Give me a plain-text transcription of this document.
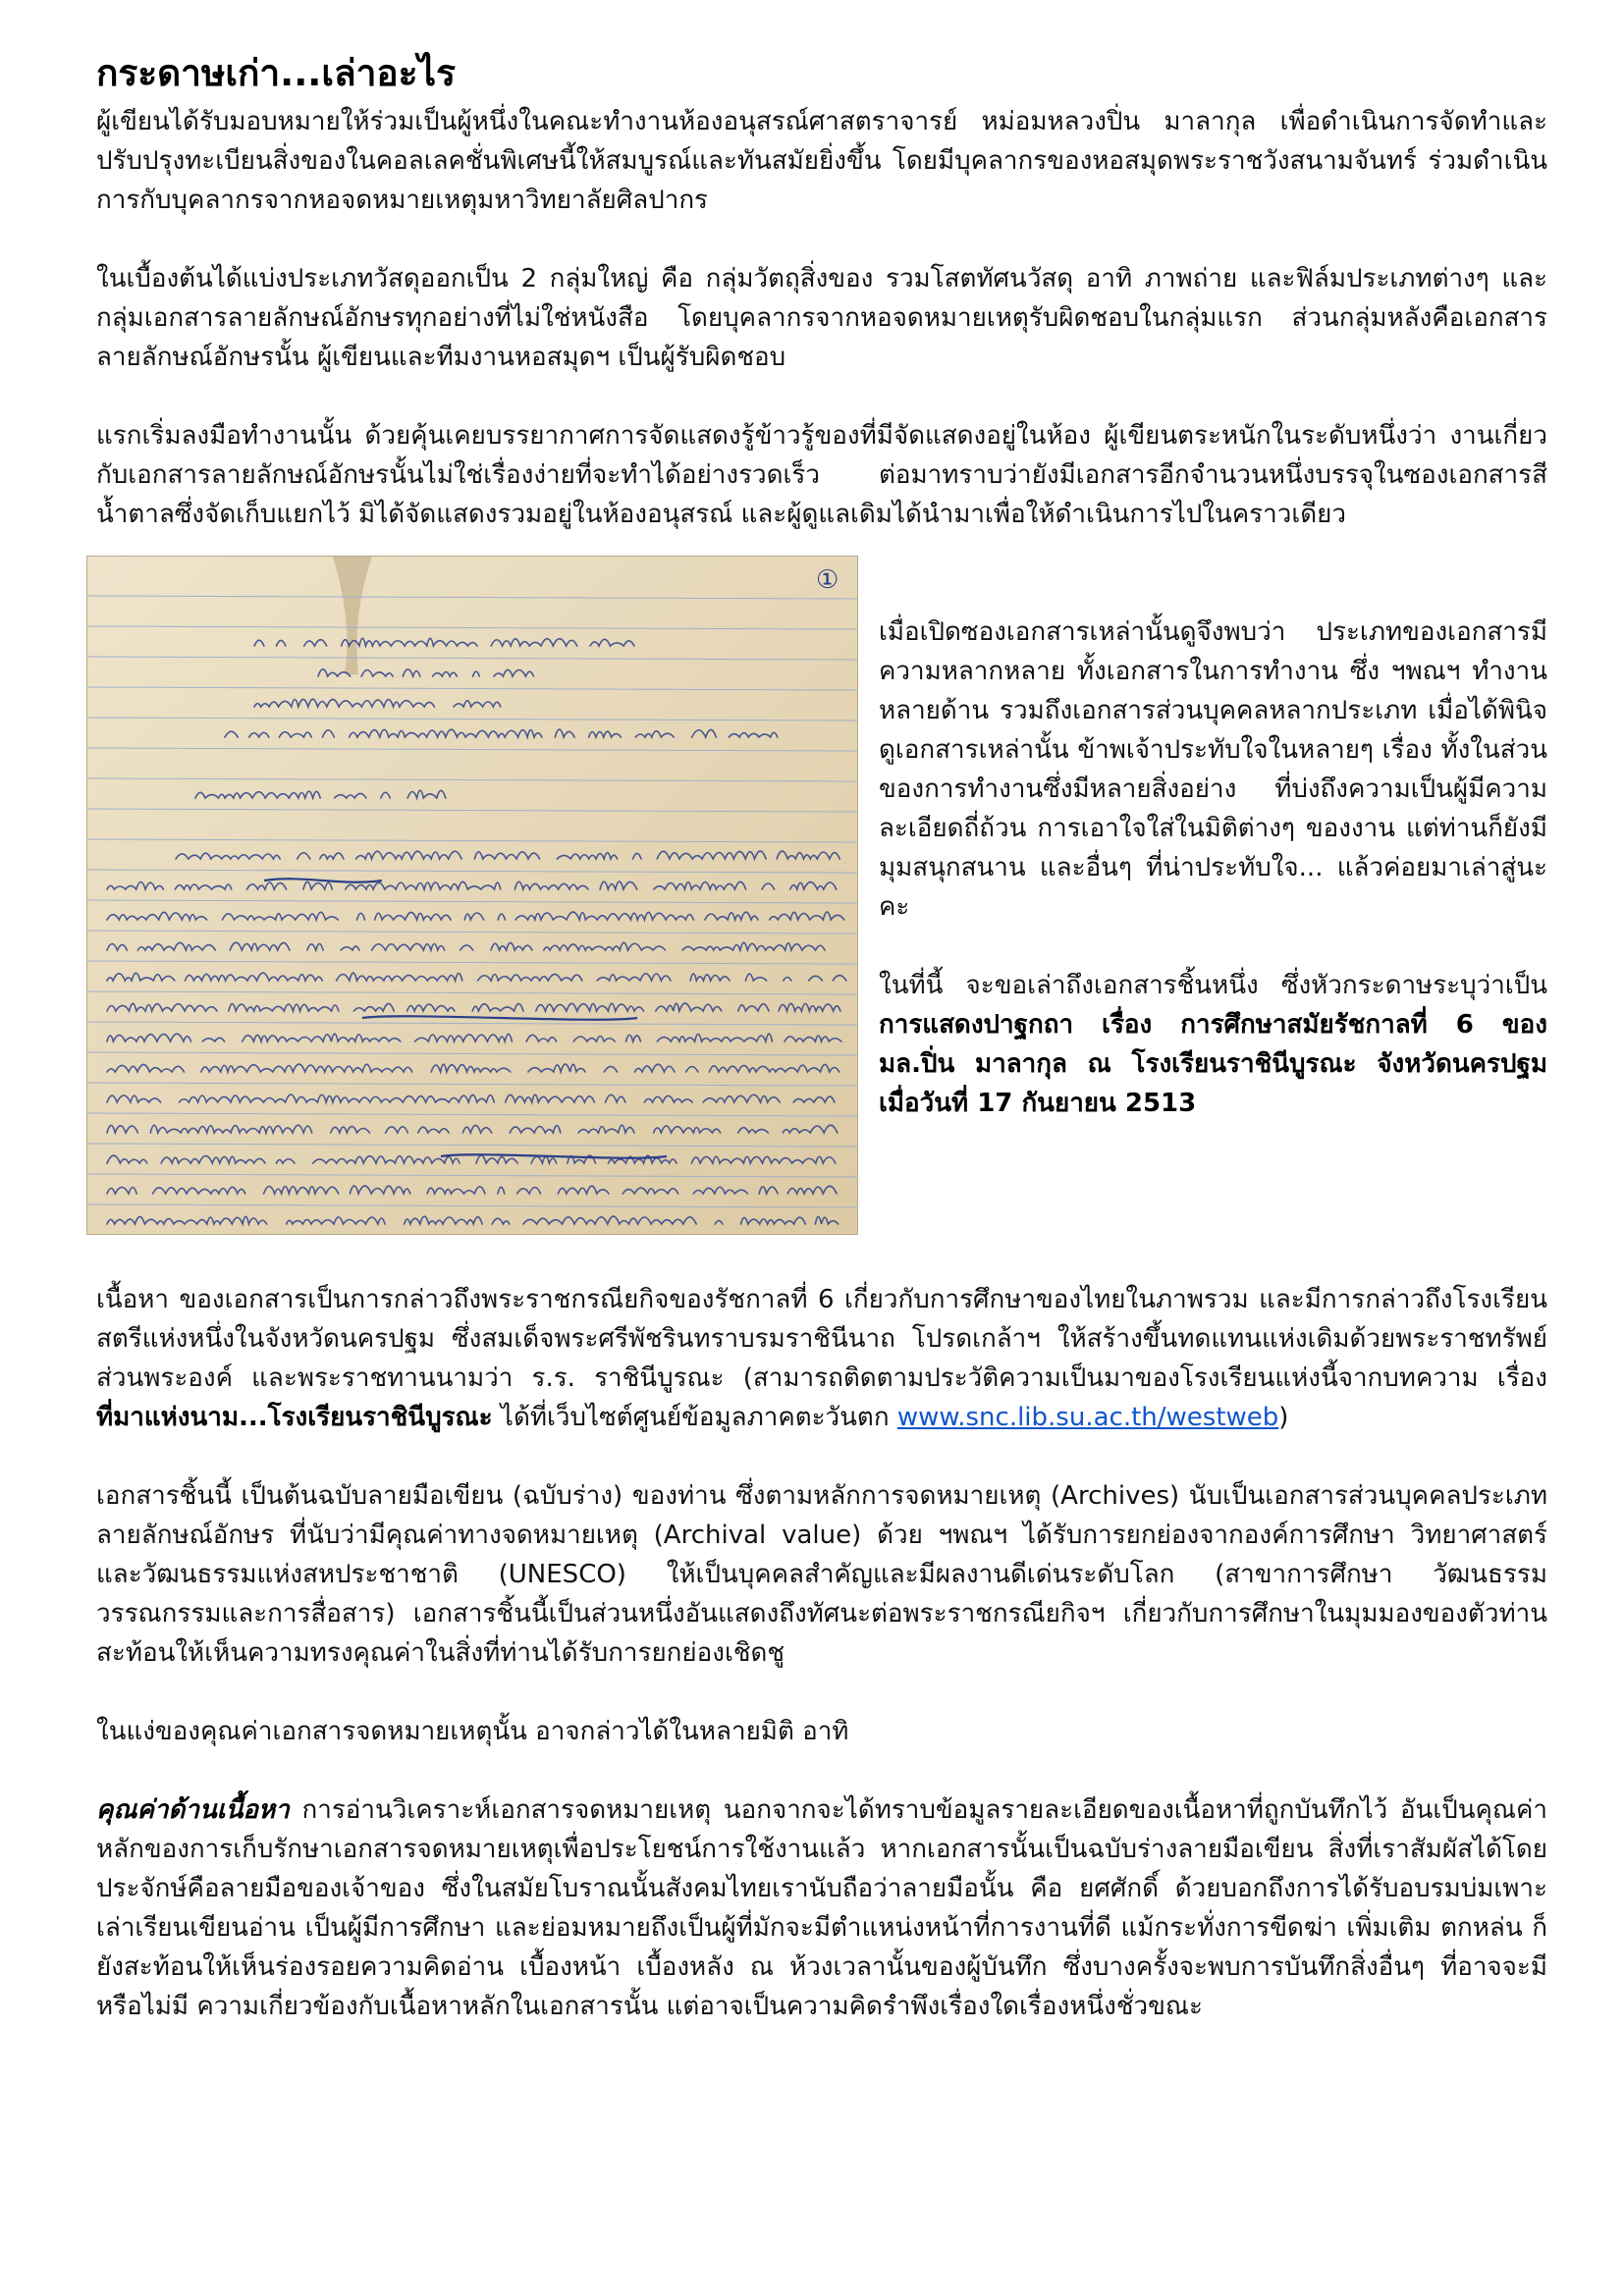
กระดาษเก่า...เล่าอะไร

ผู้เขียนได้รับมอบหมายให้ร่วมเป็นผู้หนึ่งในคณะทำงานห้องอนุสรณ์ศาสตราจารย์ หม่อมหลวงปิ่น มาลากุล เพื่อดำเนินการจัดทำและปรับปรุงทะเบียนสิ่งของในคอลเลคชั่นพิเศษนี้ให้สมบูรณ์และทันสมัยยิ่งขึ้น โดยมีบุคลากรของหอสมุดพระราชวังสนามจันทร์ ร่วมดำเนินการกับบุคลากรจากหอจดหมายเหตุมหาวิทยาลัยศิลปากร

ในเบื้องต้นได้แบ่งประเภทวัสดุออกเป็น 2 กลุ่มใหญ่ คือ กลุ่มวัตถุสิ่งของ รวมโสตทัศนวัสดุ อาทิ ภาพถ่าย และฟิล์มประเภทต่างๆ และกลุ่มเอกสารลายลักษณ์อักษรทุกอย่างที่ไม่ใช่หนังสือ โดยบุคลากรจากหอจดหมายเหตุรับผิดชอบในกลุ่มแรก ส่วนกลุ่มหลังคือเอกสารลายลักษณ์อักษรนั้น ผู้เขียนและทีมงานหอสมุดฯ เป็นผู้รับผิดชอบ

แรกเริ่มลงมือทำงานนั้น ด้วยคุ้นเคยบรรยากาศการจัดแสดงรู้ข้าวรู้ของที่มีจัดแสดงอยู่ในห้อง ผู้เขียนตระหนักในระดับหนึ่งว่า งานเกี่ยวกับเอกสารลายลักษณ์อักษรนั้นไม่ใช่เรื่องง่ายที่จะทำได้อย่างรวดเร็ว ต่อมาทราบว่ายังมีเอกสารอีกจำนวนหนึ่งบรรจุในซองเอกสารสีน้ำตาลซึ่งจัดเก็บแยกไว้ มิได้จัดแสดงรวมอยู่ในห้องอนุสรณ์ และผู้ดูแลเดิมได้นำมาเพื่อให้ดำเนินการไปในคราวเดียว

①

เมื่อเปิดซองเอกสารเหล่านั้นดูจึงพบว่า ประเภทของเอกสารมีความหลากหลาย ทั้งเอกสารในการทำงาน ซึ่ง ฯพณฯ ทำงานหลายด้าน รวมถึงเอกสารส่วนบุคคลหลากประเภท เมื่อได้พินิจดูเอกสารเหล่านั้น ข้าพเจ้าประทับใจในหลายๆ เรื่อง ทั้งในส่วนของการทำงานซึ่งมีหลายสิ่งอย่าง ที่บ่งถึงความเป็นผู้มีความละเอียดถี่ถ้วน การเอาใจใส่ในมิติต่างๆ ของงาน แต่ท่านก็ยังมีมุมสนุกสนาน และอื่นๆ ที่น่าประทับใจ... แล้วค่อยมาเล่าสู่นะคะ

ในที่นี้ จะขอเล่าถึงเอกสารชิ้นหนึ่ง ซึ่งหัวกระดาษระบุว่าเป็น การแสดงปาฐกถา เรื่อง การศึกษาสมัยรัชกาลที่ 6 ของ มล.ปิ่น มาลากุล ณ โรงเรียนราชินีบูรณะ จังหวัดนครปฐม เมื่อวันที่ 17 กันยายน 2513

เนื้อหา ของเอกสารเป็นการกล่าวถึงพระราชกรณียกิจของรัชกาลที่ 6 เกี่ยวกับการศึกษาของไทยในภาพรวม และมีการกล่าวถึงโรงเรียนสตรีแห่งหนึ่งในจังหวัดนครปฐม ซึ่งสมเด็จพระศรีพัชรินทราบรมราชินีนาถ โปรดเกล้าฯ ให้สร้างขึ้นทดแทนแห่งเดิมด้วยพระราชทรัพย์ส่วนพระองค์ และพระราชทานนามว่า ร.ร. ราชินีบูรณะ (สามารถติดตามประวัติความเป็นมาของโรงเรียนแห่งนี้จากบทความ เรื่อง ที่มาแห่งนาม...โรงเรียนราชินีบูรณะ ได้ที่เว็บไซต์ศูนย์ข้อมูลภาคตะวันตก www.snc.lib.su.ac.th/westweb)

เอกสารชิ้นนี้ เป็นต้นฉบับลายมือเขียน (ฉบับร่าง) ของท่าน ซึ่งตามหลักการจดหมายเหตุ (Archives) นับเป็นเอกสารส่วนบุคคลประเภทลายลักษณ์อักษร ที่นับว่ามีคุณค่าทางจดหมายเหตุ (Archival value) ด้วย ฯพณฯ ได้รับการยกย่องจากองค์การศึกษา วิทยาศาสตร์ และวัฒนธรรมแห่งสหประชาชาติ (UNESCO) ให้เป็นบุคคลสำคัญและมีผลงานดีเด่นระดับโลก (สาขาการศึกษา วัฒนธรรม วรรณกรรมและการสื่อสาร) เอกสารชิ้นนี้เป็นส่วนหนึ่งอันแสดงถึงทัศนะต่อพระราชกรณียกิจฯ เกี่ยวกับการศึกษาในมุมมองของตัวท่าน สะท้อนให้เห็นความทรงคุณค่าในสิ่งที่ท่านได้รับการยกย่องเชิดชู

ในแง่ของคุณค่าเอกสารจดหมายเหตุนั้น อาจกล่าวได้ในหลายมิติ อาทิ

คุณค่าด้านเนื้อหา การอ่านวิเคราะห์เอกสารจดหมายเหตุ นอกจากจะได้ทราบข้อมูลรายละเอียดของเนื้อหาที่ถูกบันทึกไว้ อันเป็นคุณค่าหลักของการเก็บรักษาเอกสารจดหมายเหตุเพื่อประโยชน์การใช้งานแล้ว หากเอกสารนั้นเป็นฉบับร่างลายมือเขียน สิ่งที่เราสัมผัสได้โดยประจักษ์คือลายมือของเจ้าของ ซึ่งในสมัยโบราณนั้นสังคมไทยเรานับถือว่าลายมือนั้น คือ ยศศักดิ์ ด้วยบอกถึงการได้รับอบรมบ่มเพาะเล่าเรียนเขียนอ่าน เป็นผู้มีการศึกษา และย่อมหมายถึงเป็นผู้ที่มักจะมีตำแหน่งหน้าที่การงานที่ดี แม้กระทั่งการขีดฆ่า เพิ่มเติม ตกหล่น ก็ยังสะท้อนให้เห็นร่องรอยความคิดอ่าน เบื้องหน้า เบื้องหลัง ณ ห้วงเวลานั้นของผู้บันทึก ซึ่งบางครั้งจะพบการบันทึกสิ่งอื่นๆ ที่อาจจะมี หรือไม่มี ความเกี่ยวข้องกับเนื้อหาหลักในเอกสารนั้น แต่อาจเป็นความคิดรำพึงเรื่องใดเรื่องหนึ่งชั่วขณะ
